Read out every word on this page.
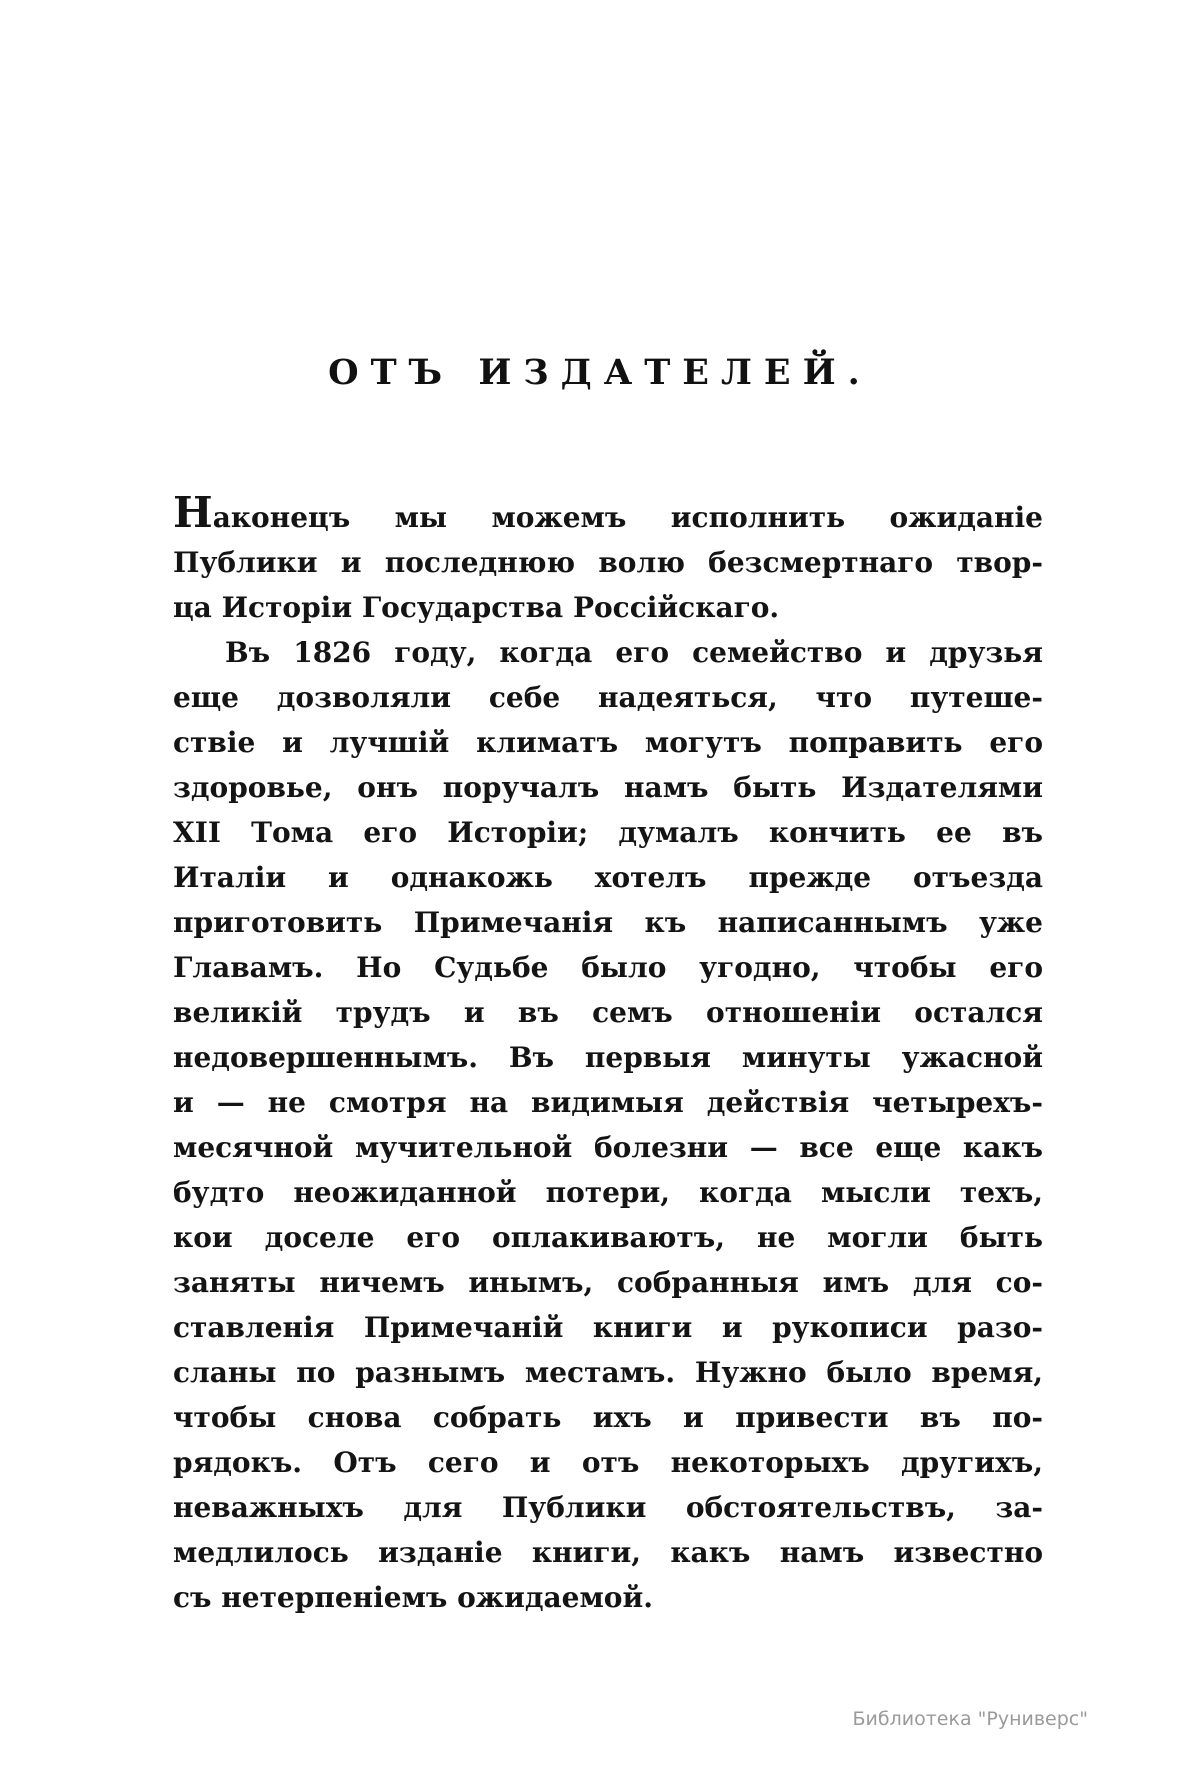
ОТЪ ИЗДАТЕЛЕЙ.
Наконецъ мы можемъ исполнить ожиданіе
Публики и последнюю волю безсмертнаго твор-
ца Исторіи Государства Россійскаго.
Въ 1826 году, когда его семейство и друзья
еще дозволяли себе надеяться, что путеше-
ствіе и лучшій климатъ могутъ поправить его
здоровье, онъ поручалъ намъ быть Издателями
XII Тома его Исторіи; думалъ кончить ее въ
Италіи и однакожь хотелъ прежде отъезда
приготовить Примечанія къ написаннымъ уже
Главамъ. Но Судьбе было угодно, чтобы его
великій трудъ и въ семъ отношеніи остался
недовершеннымъ. Въ первыя минуты ужасной
и — не смотря на видимыя действія четырехъ-
месячной мучительной болезни — все еще какъ
будто неожиданной потери, когда мысли техъ,
кои доселе его оплакиваютъ, не могли быть
заняты ничемъ инымъ, собранныя имъ для со-
ставленія Примечаній книги и рукописи разо-
сланы по разнымъ местамъ. Нужно было время,
чтобы снова собрать ихъ и привести въ по-
рядокъ. Отъ сего и отъ некоторыхъ другихъ,
неважныхъ для Публики обстоятельствъ, за-
медлилось изданіе книги, какъ намъ известно
съ нетерпеніемъ ожидаемой.
Библиотека "Руниверс"
